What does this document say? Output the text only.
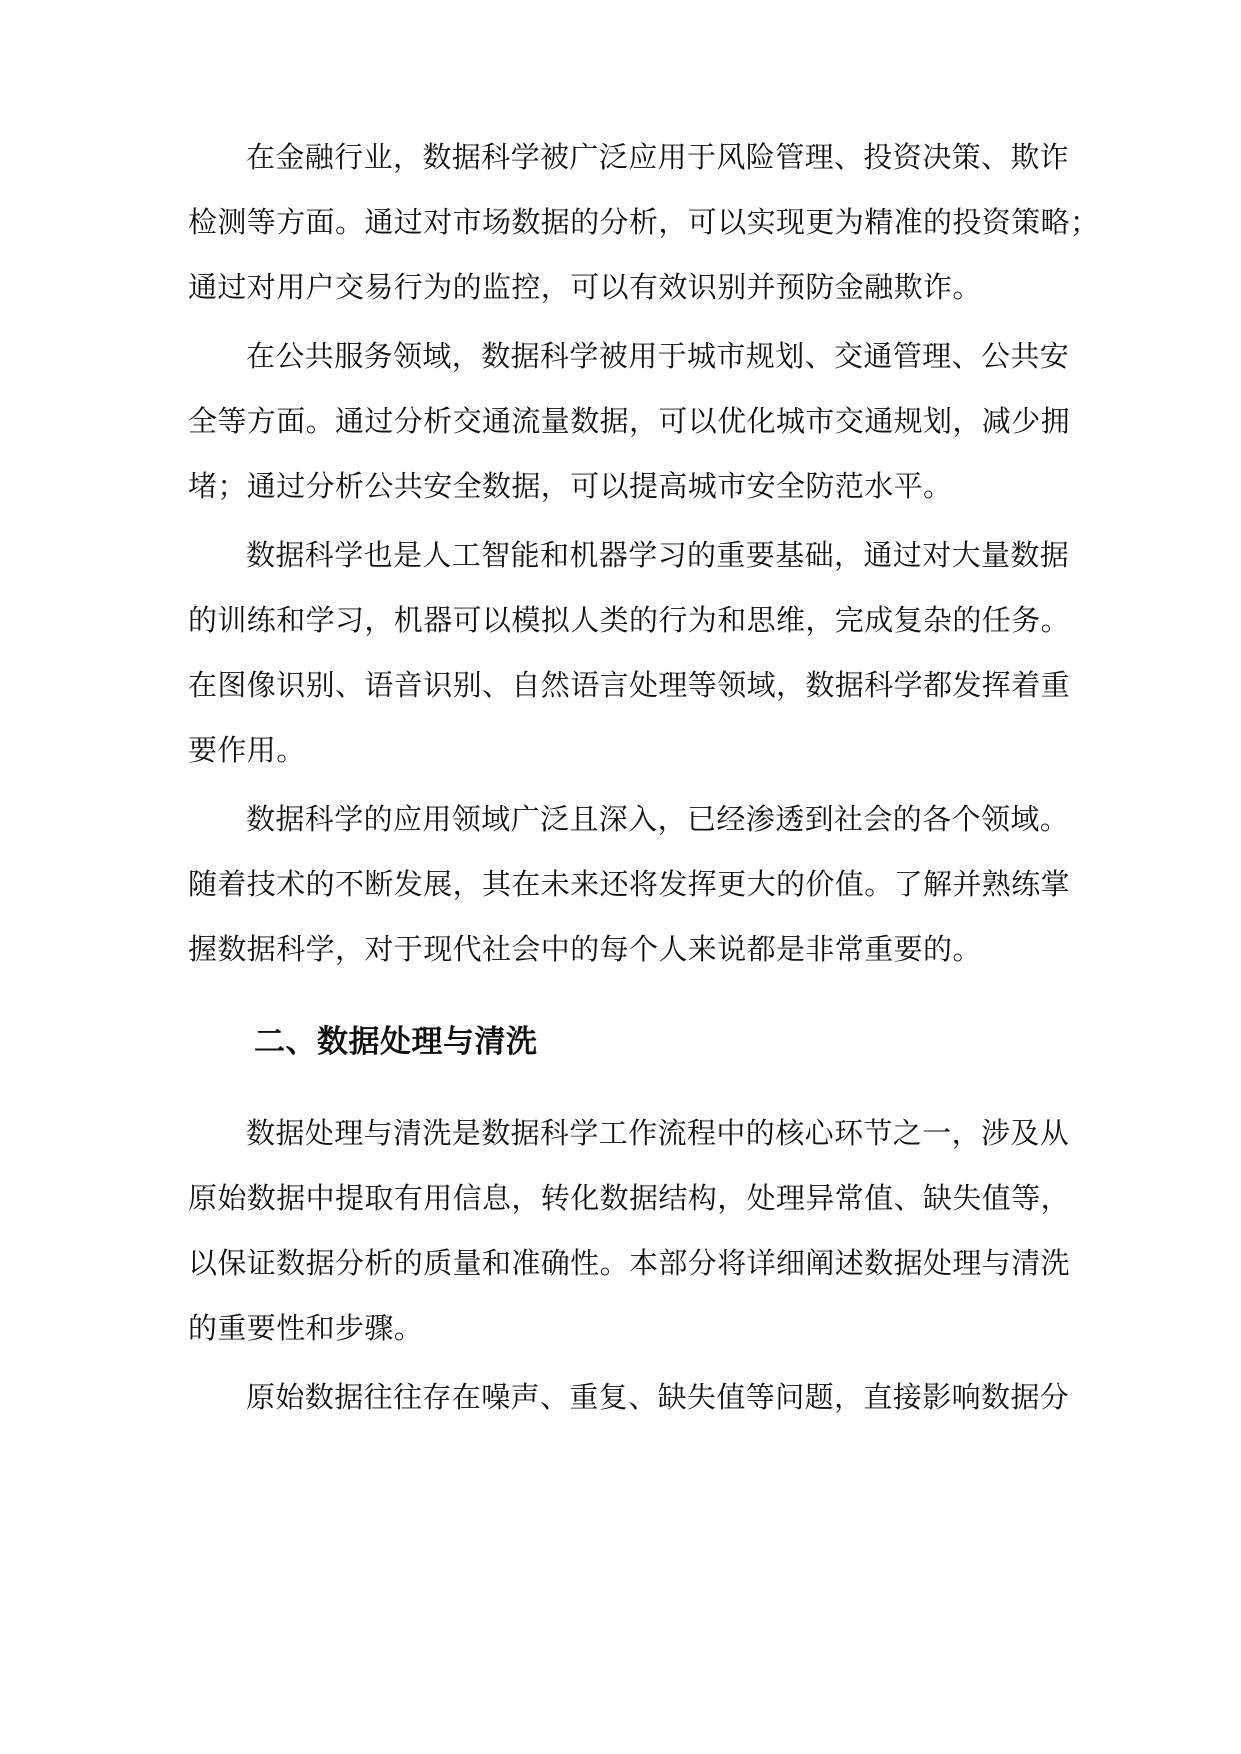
在金融行业，数据科学被广泛应用于风险管理、投资决策、欺诈
检测等方面。通过对市场数据的分析，可以实现更为精准的投资策略；
通过对用户交易行为的监控，可以有效识别并预防金融欺诈。
在公共服务领域，数据科学被用于城市规划、交通管理、公共安
全等方面。通过分析交通流量数据，可以优化城市交通规划，减少拥
堵；通过分析公共安全数据，可以提高城市安全防范水平。
数据科学也是人工智能和机器学习的重要基础，通过对大量数据
的训练和学习，机器可以模拟人类的行为和思维，完成复杂的任务。
在图像识别、语音识别、自然语言处理等领域，数据科学都发挥着重
要作用。
数据科学的应用领域广泛且深入，已经渗透到社会的各个领域。
随着技术的不断发展，其在未来还将发挥更大的价值。了解并熟练掌
握数据科学，对于现代社会中的每个人来说都是非常重要的。
二、数据处理与清洗
数据处理与清洗是数据科学工作流程中的核心环节之一，涉及从
原始数据中提取有用信息，转化数据结构，处理异常值、缺失值等，
以保证数据分析的质量和准确性。本部分将详细阐述数据处理与清洗
的重要性和步骤。
原始数据往往存在噪声、重复、缺失值等问题，直接影响数据分
